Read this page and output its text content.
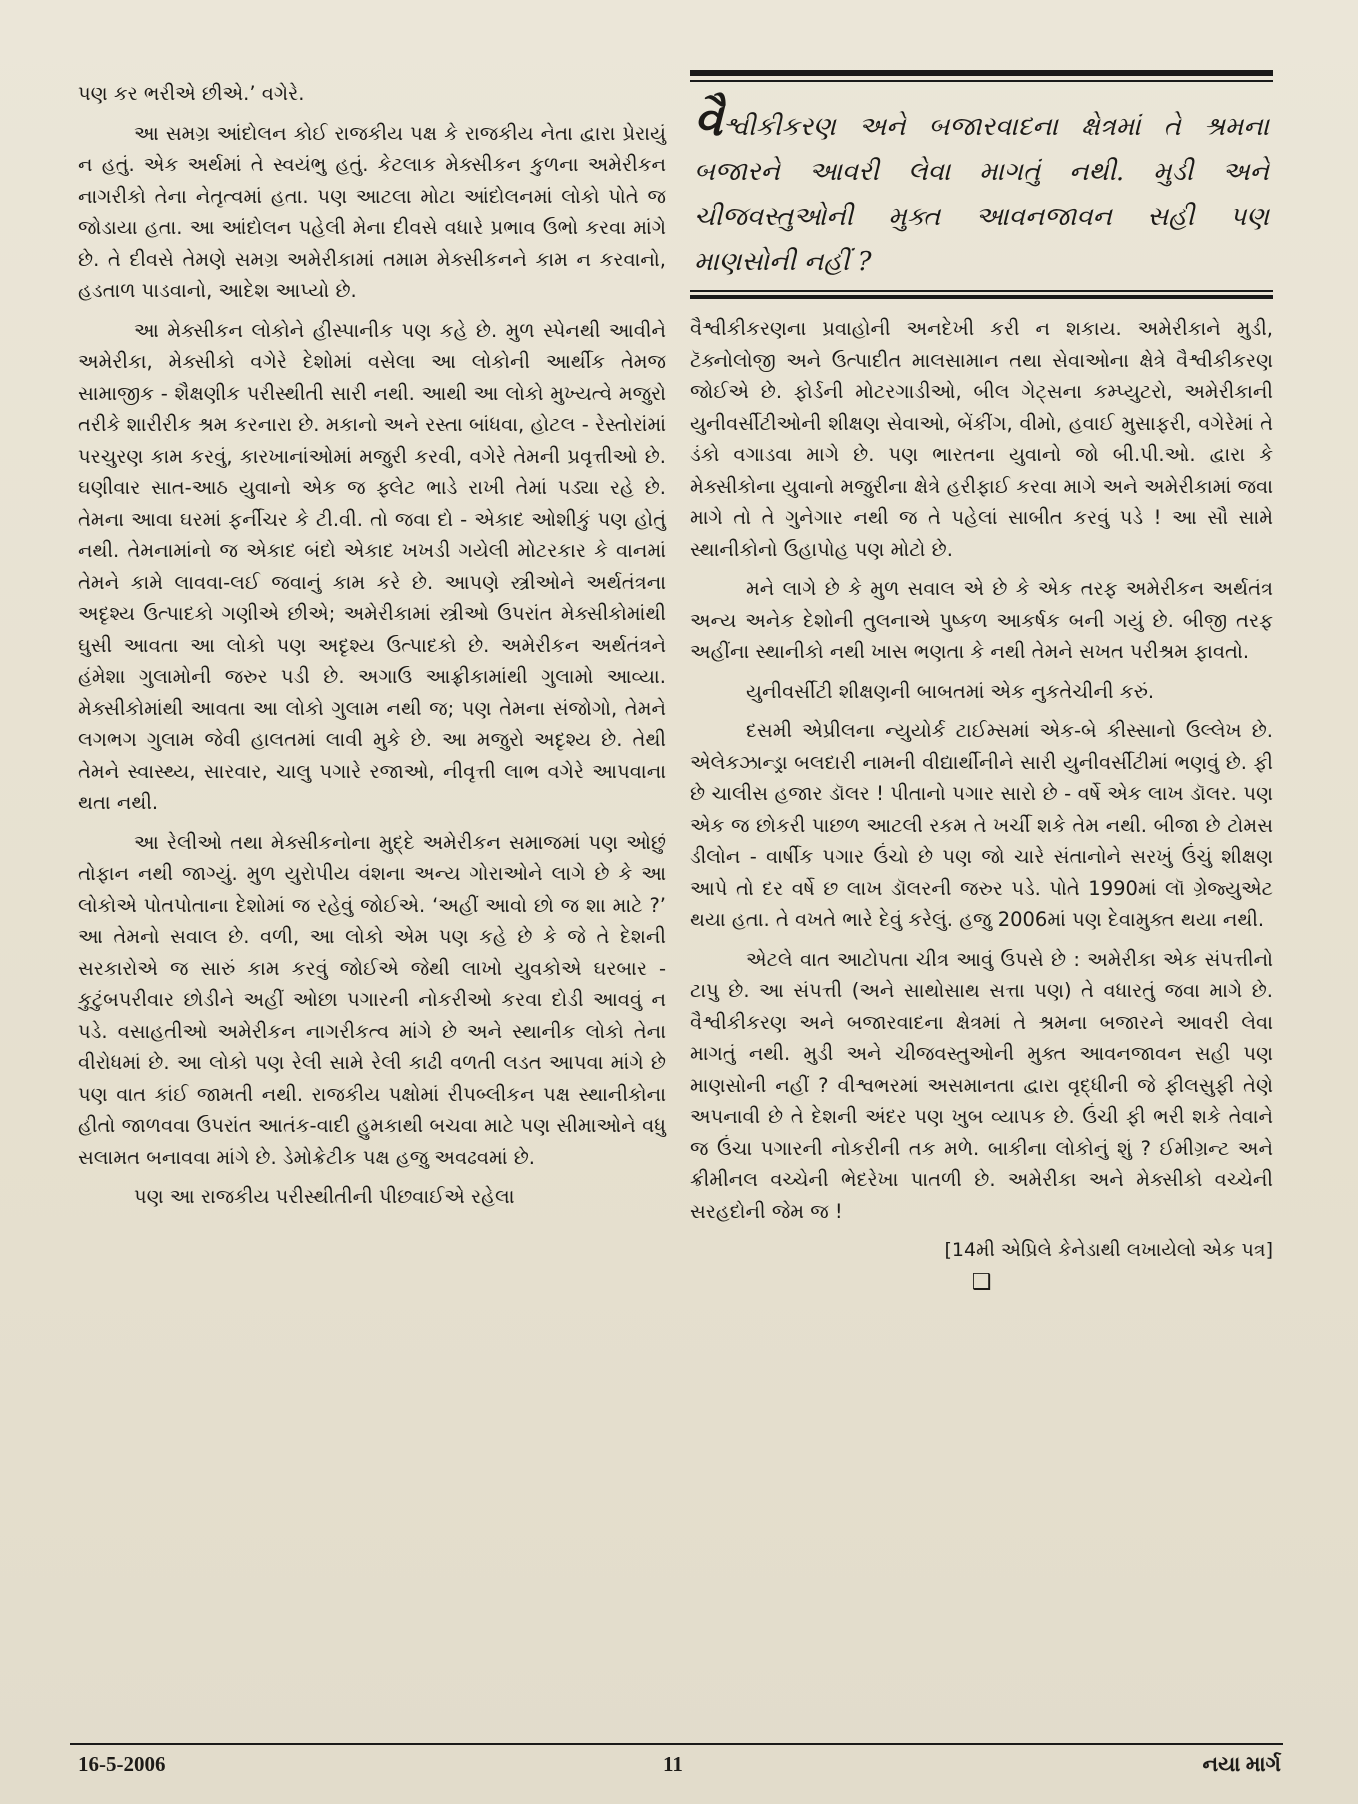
પણ કર ભરીએ છીએ.’ વગેરે.

આ સમગ્ર આંદોલન કોઈ રાજકીય પક્ષ કે રાજકીય નેતા દ્વારા પ્રેરાયું ન હતું. એક અર્થમાં તે સ્વયંભુ હતું. કેટલાક મેક્સીકન કુળના અમેરીકન નાગરીકો તેના નેતૃત્વમાં હતા. પણ આટલા મોટા આંદોલનમાં લોકો પોતે જ જોડાયા હતા. આ આંદોલન પહેલી મેના દીવસે વધારે પ્રભાવ ઉભો કરવા માંગે છે. તે દીવસે તેમણે સમગ્ર અમેરીકામાં તમામ મેક્સીકનને કામ ન કરવાનો, હડતાળ પાડવાનો, આદેશ આપ્યો છે.

આ મેક્સીકન લોકોને હીસ્પાનીક પણ કહે છે. મુળ સ્પેનથી આવીને અમેરીકા, મેક્સીકો વગેરે દેશોમાં વસેલા આ લોકોની આર્થીક તેમજ સામાજીક - શૈક્ષણીક પરીસ્થીતી સારી નથી. આથી આ લોકો મુખ્યત્વે મજુરો તરીકે શારીરીક શ્રમ કરનારા છે. મકાનો અને રસ્તા બાંધવા, હોટલ - રેસ્તોરાંમાં પરચુરણ કામ કરવું, કારખાનાંઓમાં મજુરી કરવી, વગેરે તેમની પ્રવૃત્તીઓ છે. ઘણીવાર સાત-આઠ યુવાનો એક જ ફ્લેટ ભાડે રાખી તેમાં પડ્યા રહે છે. તેમના આવા ઘરમાં ફર્નીચર કે ટી.વી. તો જવા દો - એકાદ ઓશીકું પણ હોતું નથી. તેમનામાંનો જ એકાદ બંદો એકાદ ખખડી ગયેલી મોટરકાર કે વાનમાં તેમને કામે લાવવા-લઈ જવાનું કામ કરે છે. આપણે સ્ત્રીઓને અર્થતંત્રના અદૃશ્ય ઉત્પાદકો ગણીએ છીએ; અમેરીકામાં સ્ત્રીઓ ઉપરાંત મેક્સીકોમાંથી ઘુસી આવતા આ લોકો પણ અદૃશ્ય ઉત્પાદકો છે. અમેરીકન અર્થતંત્રને હંમેશા ગુલામોની જરુર પડી છે. અગાઉ આફ્રીકામાંથી ગુલામો આવ્યા. મેક્સીકોમાંથી આવતા આ લોકો ગુલામ નથી જ; પણ તેમના સંજોગો, તેમને લગભગ ગુલામ જેવી હાલતમાં લાવી મુકે છે. આ મજુરો અદૃશ્ય છે. તેથી તેમને સ્વાસ્થ્ય, સારવાર, ચાલુ પગારે રજાઓ, નીવૃત્તી લાભ વગેરે આપવાના થતા નથી.

આ રેલીઓ તથા મેક્સીકનોના મુદ્દે અમેરીકન સમાજમાં પણ ઓછું તોફાન નથી જાગ્યું. મુળ યુરોપીય વંશના અન્ય ગોરાઓને લાગે છે કે આ લોકોએ પોતપોતાના દેશોમાં જ રહેવું જોઈએ. ‘અહીં આવો છો જ શા માટે ?’ આ તેમનો સવાલ છે. વળી, આ લોકો એમ પણ કહે છે કે જે તે દેશની સરકારોએ જ સારું કામ કરવું જોઈએ જેથી લાખો યુવકોએ ઘરબાર - કુટુંબપરીવાર છોડીને અહીં ઓછા પગારની નોકરીઓ કરવા દોડી આવવું ન પડે. વસાહતીઓ અમેરીકન નાગરીકત્વ માંગે છે અને સ્થાનીક લોકો તેના વીરોધમાં છે. આ લોકો પણ રેલી સામે રેલી કાઢી વળતી લડત આપવા માંગે છે પણ વાત કાંઈ જામતી નથી. રાજકીય પક્ષોમાં રીપબ્લીકન પક્ષ સ્થાનીકોના હીતો જાળવવા ઉપરાંત આતંક-વાદી હુમકાથી બચવા માટે પણ સીમાઓને વધુ સલામત બનાવવા માંગે છે. ડેમોક્રેટીક પક્ષ હજુ અવઢવમાં છે.

પણ આ રાજકીય પરીસ્થીતીની પીછવાઈએ રહેલા

વૈશ્વીકીકરણ અને બજારવાદના ક્ષેત્રમાં તે શ્રમના બજારને આવરી લેવા માગતું નથી. મુડી અને ચીજવસ્તુઓની મુક્ત આવનજાવન સહી પણ માણસોની નહીં ?

વૈશ્વીકીકરણના પ્રવાહોની અનદેખી કરી ન શકાય. અમેરીકાને મુડી, ટૅક્નોલોજી અને ઉત્પાદીત માલસામાન તથા સેવાઓના ક્ષેત્રે વૈશ્વીકીકરણ જોઈએ છે. ફોર્ડની મોટરગાડીઓ, બીલ ગેટ્સના કમ્પ્યુટરો, અમેરીકાની યુનીવર્સીટીઓની શીક્ષણ સેવાઓ, બેંકીંગ, વીમો, હવાઈ મુસાફરી, વગેરેમાં તે ડંકો વગાડવા માગે છે. પણ ભારતના યુવાનો જો બી.પી.ઓ. દ્વારા કે મેક્સીકોના યુવાનો મજુરીના ક્ષેત્રે હરીફાઈ કરવા માગે અને અમેરીકામાં જવા માગે તો તે ગુનેગાર નથી જ તે પહેલાં સાબીત કરવું પડે ! આ સૌ સામે સ્થાનીકોનો ઉહાપોહ પણ મોટો છે.

મને લાગે છે કે મુળ સવાલ એ છે કે એક તરફ અમેરીકન અર્થતંત્ર અન્ય અનેક દેશોની તુલનાએ પુષ્કળ આકર્ષક બની ગયું છે. બીજી તરફ અહીંના સ્થાનીકો નથી ખાસ ભણતા કે નથી તેમને સખત પરીશ્રમ ફાવતો.

યુનીવર્સીટી શીક્ષણની બાબતમાં એક નુકતેચીની કરું.

દસમી એપ્રીલના ન્યુયોર્ક ટાઈમ્સમાં એક-બે કીસ્સાનો ઉલ્લેખ છે. એલેકઝાન્ડ્રા બલદારી નામની વીદ્યાર્થીનીને સારી યુનીવર્સીટીમાં ભણવું છે. ફી છે ચાલીસ હજાર ડૉલર ! પીતાનો પગાર સારો છે - વર્ષે એક લાખ ડૉલર. પણ એક જ છોકરી પાછળ આટલી રકમ તે ખર્ચી શકે તેમ નથી. બીજા છે ટોમસ ડીલોન - વાર્ષીક પગાર ઉંચો છે પણ જો ચારે સંતાનોને સરખું ઉંચું શીક્ષણ આપે તો દર વર્ષે છ લાખ ડૉલરની જરુર પડે. પોતે 1990માં લૉ ગ્રેજ્યુએટ થયા હતા. તે વખતે ભારે દેવું કરેલું. હજુ 2006માં પણ દેવામુક્ત થયા નથી.

એટલે વાત આટોપતા ચીત્ર આવું ઉપસે છે : અમેરીકા એક સંપત્તીનો ટાપુ છે. આ સંપત્તી (અને સાથોસાથ સત્તા પણ) તે વધારતું જવા માગે છે. વૈશ્વીકીકરણ અને બજારવાદના ક્ષેત્રમાં તે શ્રમના બજારને આવરી લેવા માગતું નથી. મુડી અને ચીજવસ્તુઓની મુક્ત આવનજાવન સહી પણ માણસોની નહીં ? વીશ્વભરમાં અસમાનતા દ્વારા વૃદ્ધીની જે ફીલસુફી તેણે અપનાવી છે તે દેશની અંદર પણ ખુબ વ્યાપક છે. ઉંચી ફી ભરી શકે તેવાને જ ઉંચા પગારની નોકરીની તક મળે. બાકીના લોકોનું શું ? ઈમીગ્રન્ટ અને ક્રીમીનલ વચ્ચેની ભેદરેખા પાતળી છે. અમેરીકા અને મેક્સીકો વચ્ચેની સરહદોની જેમ જ !

[14મી એપ્રિલે કેનેડાથી લખાયેલો એક પત્ર]
❑
16-5-2006	11	નયા માર્ગ
